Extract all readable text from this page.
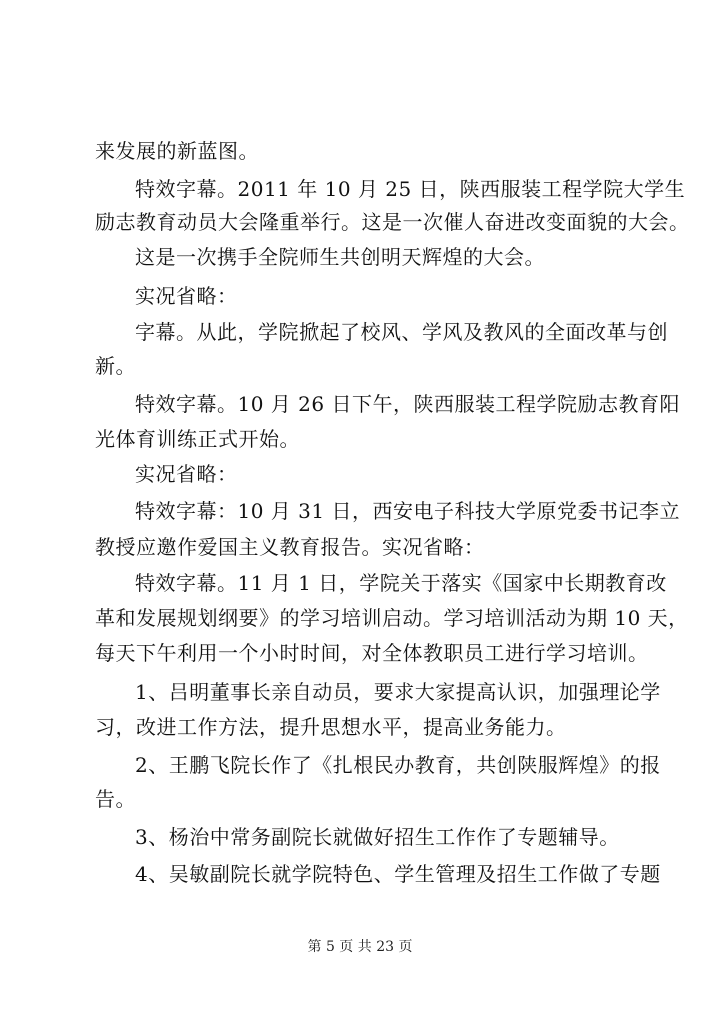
来发展的新蓝图。
特效字幕。2011 年 10 月 25 日，陕西服装工程学院大学生
励志教育动员大会隆重举行。这是一次催人奋进改变面貌的大会。
这是一次携手全院师生共创明天辉煌的大会。
实况省略：
字幕。从此，学院掀起了校风、学风及教风的全面改革与创
新。
特效字幕。10 月 26 日下午，陕西服装工程学院励志教育阳
光体育训练正式开始。
实况省略：
特效字幕：10 月 31 日，西安电子科技大学原党委书记李立
教授应邀作爱国主义教育报告。实况省略：
特效字幕。11 月 1 日，学院关于落实《国家中长期教育改
革和发展规划纲要》的学习培训启动。学习培训活动为期 10 天，
每天下午利用一个小时时间，对全体教职员工进行学习培训。
1、吕明董事长亲自动员，要求大家提高认识，加强理论学
习，改进工作方法，提升思想水平，提高业务能力。
2、王鹏飞院长作了《扎根民办教育，共创陕服辉煌》的报
告。
3、杨治中常务副院长就做好招生工作作了专题辅导。
4、吴敏副院长就学院特色、学生管理及招生工作做了专题
第 5 页 共 23 页
